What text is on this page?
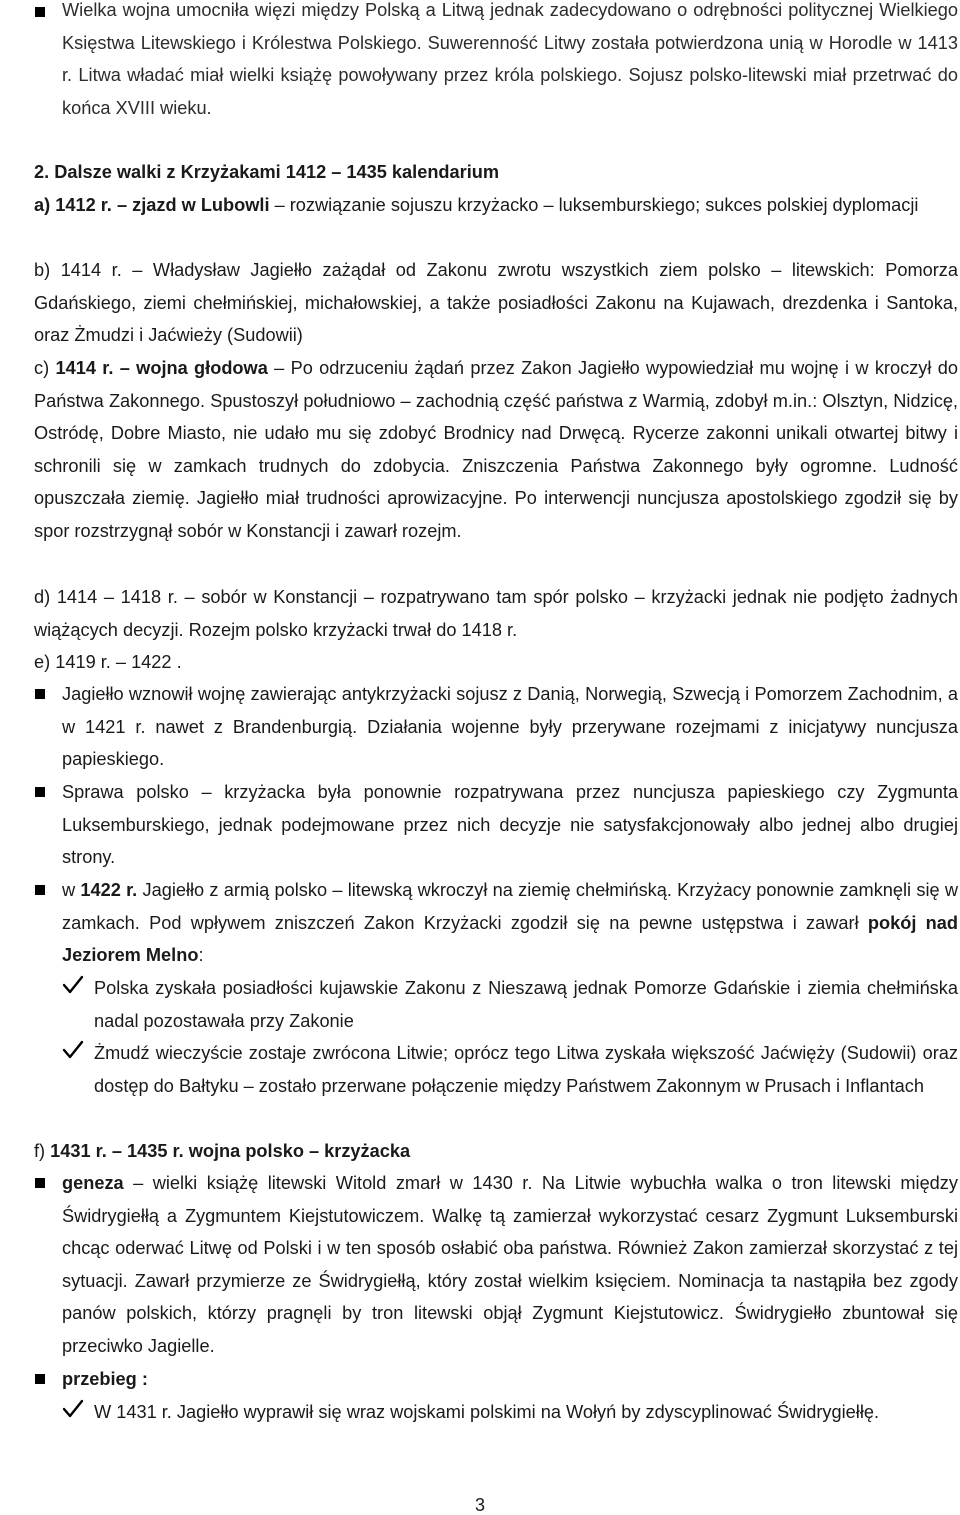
Wielka wojna umocniła więzi między Polską a Litwą jednak zadecydowano o odrębności politycznej Wielkiego Księstwa Litewskiego i Królestwa Polskiego. Suwerenność Litwy została potwierdzona unią w Horodle w 1413 r. Litwa władać miał wielki książę powoływany przez króla polskiego. Sojusz polsko-litewski miał przetrwać do końca XVIII wieku.

2. Dalsze walki z Krzyżakami 1412 – 1435 kalendarium

a) 1412 r. – zjazd w Lubowli – rozwiązanie sojuszu krzyżacko – luksemburskiego; sukces polskiej dyplomacji

b) 1414 r. – Władysław Jagiełło zażądał od Zakonu zwrotu wszystkich ziem polsko – litewskich: Pomorza Gdańskiego, ziemi chełmińskiej, michałowskiej, a także posiadłości Zakonu na Kujawach, drezdenka i Santoka, oraz Żmudzi i Jaćwieży (Sudowii)

c) 1414 r. – wojna głodowa – Po odrzuceniu żądań przez Zakon Jagiełło wypowiedział mu wojnę i w kroczył do Państwa Zakonnego. Spustoszył południowo – zachodnią część państwa z Warmią, zdobył m.in.: Olsztyn, Nidzicę, Ostródę, Dobre Miasto, nie udało mu się zdobyć Brodnicy nad Drwęcą. Rycerze zakonni unikali otwartej bitwy i schronili się w zamkach trudnych do zdobycia. Zniszczenia Państwa Zakonnego były ogromne. Ludność opuszczała ziemię. Jagiełło miał trudności aprowizacyjne. Po interwencji nuncjusza apostolskiego zgodził się by spor rozstrzygnął sobór w Konstancji i zawarł rozejm.

d) 1414 – 1418 r. – sobór w Konstancji – rozpatrywano tam spór polsko – krzyżacki jednak nie podjęto żadnych wiążących decyzji. Rozejm polsko krzyżacki trwał do 1418 r.

e) 1419 r. – 1422 .

Jagiełło wznowił wojnę zawierając antykrzyżacki sojusz z Danią, Norwegią, Szwecją i Pomorzem Zachodnim, a w 1421 r. nawet z Brandenburgią. Działania wojenne były przerywane rozejmami z inicjatywy nuncjusza papieskiego.

Sprawa polsko – krzyżacka była ponownie rozpatrywana przez nuncjusza papieskiego czy Zygmunta Luksemburskiego, jednak podejmowane przez nich decyzje nie satysfakcjonowały albo jednej albo drugiej strony.

w 1422 r. Jagiełło z armią polsko – litewską wkroczył na ziemię chełmińską. Krzyżacy ponownie zamknęli się w zamkach. Pod wpływem zniszczeń Zakon Krzyżacki zgodził się na pewne ustępstwa i zawarł pokój nad Jeziorem Melno:

Polska zyskała posiadłości kujawskie Zakonu z Nieszawą jednak Pomorze Gdańskie i ziemia chełmińska nadal pozostawała przy Zakonie

Żmudź wieczyście zostaje zwrócona Litwie; oprócz tego Litwa zyskała większość Jaćwięży (Sudowii) oraz dostęp do Bałtyku – zostało przerwane połączenie między Państwem Zakonnym w Prusach i Inflantach

f) 1431 r. – 1435 r. wojna polsko – krzyżacka

geneza – wielki książę litewski Witold zmarł w 1430 r. Na Litwie wybuchła walka o tron litewski między Świdrygiełłą a Zygmuntem Kiejstutowiczem. Walkę tą zamierzał wykorzystać cesarz Zygmunt Luksemburski chcąc oderwać Litwę od Polski i w ten sposób osłabić oba państwa. Również Zakon zamierzał skorzystać z tej sytuacji. Zawarł przymierze ze Świdrygiełłą, który został wielkim księciem. Nominacja ta nastąpiła bez zgody panów polskich, którzy pragnęli by tron litewski objął Zygmunt Kiejstutowicz. Świdrygiełło zbuntował się przeciwko Jagielle.

przebieg :

W 1431 r. Jagiełło wyprawił się wraz wojskami polskimi na Wołyń by zdyscyplinować Świdrygiełłę.

3
